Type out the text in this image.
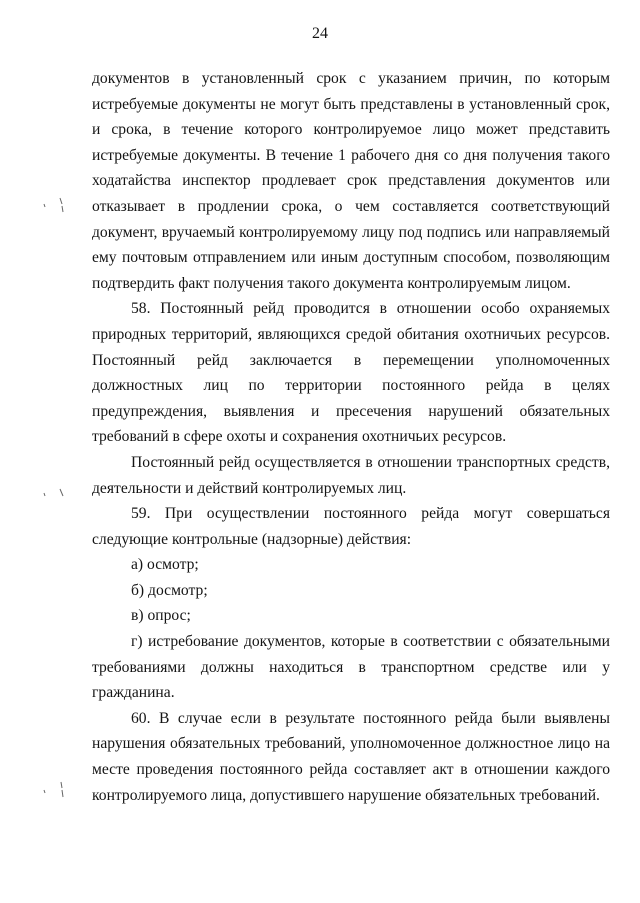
24

документов в установленный срок с указанием причин, по которым истребуемые документы не могут быть представлены в установленный срок, и срока, в течение которого контролируемое лицо может представить истребуемые документы. В течение 1 рабочего дня со дня получения такого ходатайства инспектор продлевает срок представления документов или отказывает в продлении срока, о чем составляется соответствующий документ, вручаемый контролируемому лицу под подпись или направляемый ему почтовым отправлением или иным доступным способом, позволяющим подтвердить факт получения такого документа контролируемым лицом.

58. Постоянный рейд проводится в отношении особо охраняемых природных территорий, являющихся средой обитания охотничьих ресурсов. Постоянный рейд заключается в перемещении уполномоченных должностных лиц по территории постоянного рейда в целях предупреждения, выявления и пресечения нарушений обязательных требований в сфере охоты и сохранения охотничьих ресурсов.

Постоянный рейд осуществляется в отношении транспортных средств, деятельности и действий контролируемых лиц.

59. При осуществлении постоянного рейда могут совершаться следующие контрольные (надзорные) действия:

а) осмотр;

б) досмотр;

в) опрос;

г) истребование документов, которые в соответствии с обязательными требованиями должны находиться в транспортном средстве или у гражданина.

60. В случае если в результате постоянного рейда были выявлены нарушения обязательных требований, уполномоченное должностное лицо на месте проведения постоянного рейда составляет акт в отношении каждого контролируемого лица, допустившего нарушение обязательных требований.
